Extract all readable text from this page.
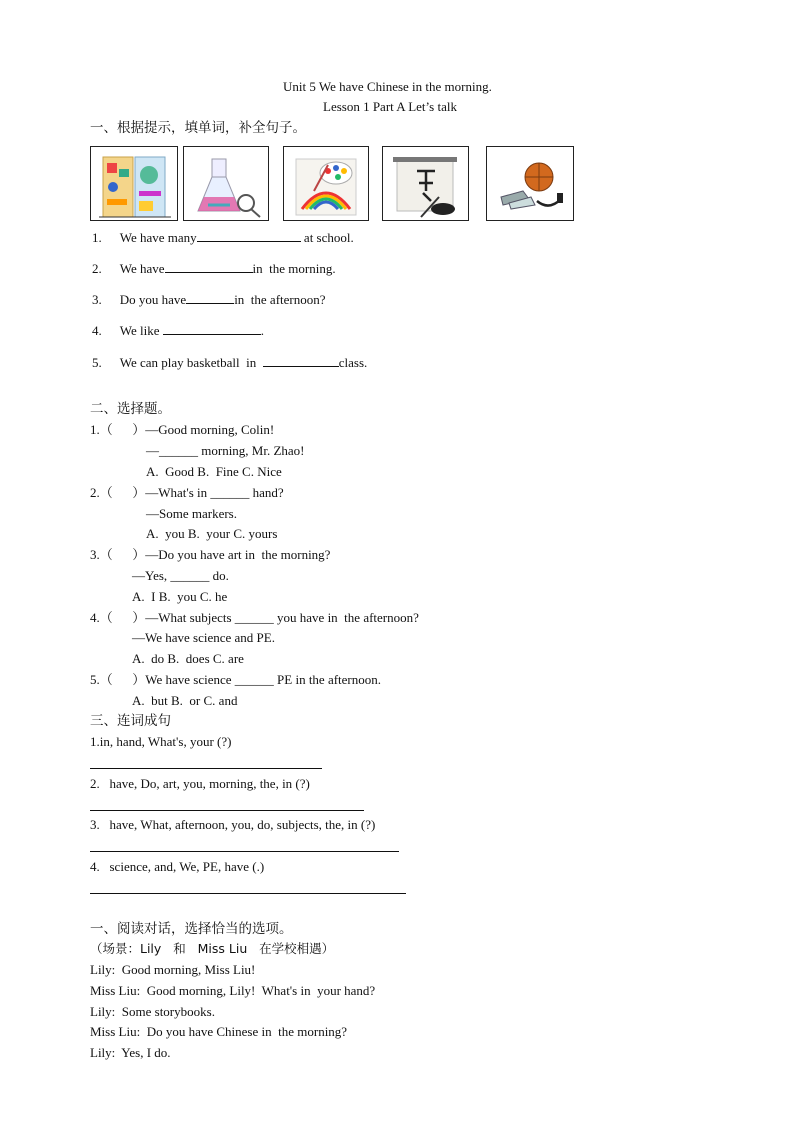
Unit 5 We have Chinese in the morning.
Lesson 1 Part A Let’s talk
一、根据提示，填单词，补全句子。
1. We have many	at school.
2. We have	in  the morning.
3. Do you have	in  the afternoon?
4. We like	.
5. We can play basketball  in	class.
二、选择题。
1.（      ）—Good morning, Colin!
—______ morning, Mr. Zhao!
A.  Good B.  Fine C. Nice
2.（      ）—What's in ______ hand?
—Some markers.
A.  you B.  your C. yours
3.（      ）—Do you have art in  the morning?
—Yes, ______ do.
A.  I B.  you C. he
4.（      ）—What subjects ______ you have in  the afternoon?
—We have science and PE.
A.  do B.  does C. are
5.（      ）We have science ______ PE in the afternoon.
A.  but B.  or C. and
三、连词成句
1.in, hand, What's, your (?)
2.   have, Do, art, you, morning, the, in (?)
3.   have, What, afternoon, you, do, subjects, the, in (?)
4.   science, and, We, PE, have (.)
一、阅读对话，选择恰当的选项。
（场景：Lily   和   Miss Liu   在学校相遇）
Lily:  Good morning, Miss Liu!
Miss Liu:  Good morning, Lily!  What's in  your hand?
Lily:  Some storybooks.
Miss Liu:  Do you have Chinese in  the morning?
Lily:  Yes, I do.
